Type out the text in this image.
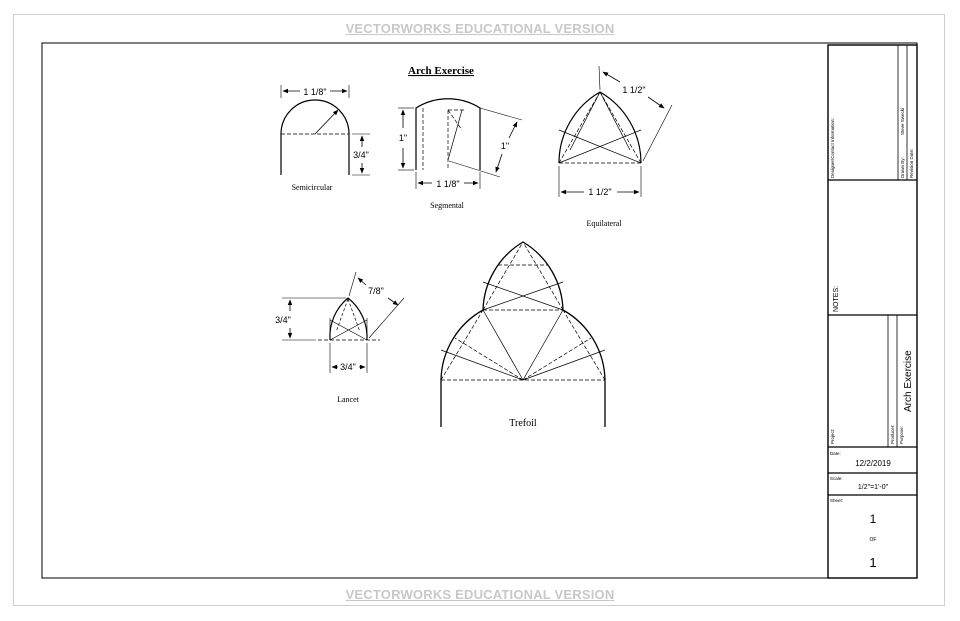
VECTORWORKS EDUCATIONAL VERSION
VECTORWORKS EDUCATIONAL VERSION
Arch Exercise
1 1/8"
3/4"
Semicircular
1"
1"
1 1/8"
Segmental
1 1/2"
1 1/2"
Equilateral
3/4"
7/8"
3/4"
Lancet
Trefoil
Designer/Contact Information:	Drawn By:
Steve Swecki
Revision Date:
NOTES:
Project:	Producer: Purpose:
Arch Exercise
Date:
12/2/2019
Scale:
1/2"=1'-0"
Sheet:
1
OF
1
